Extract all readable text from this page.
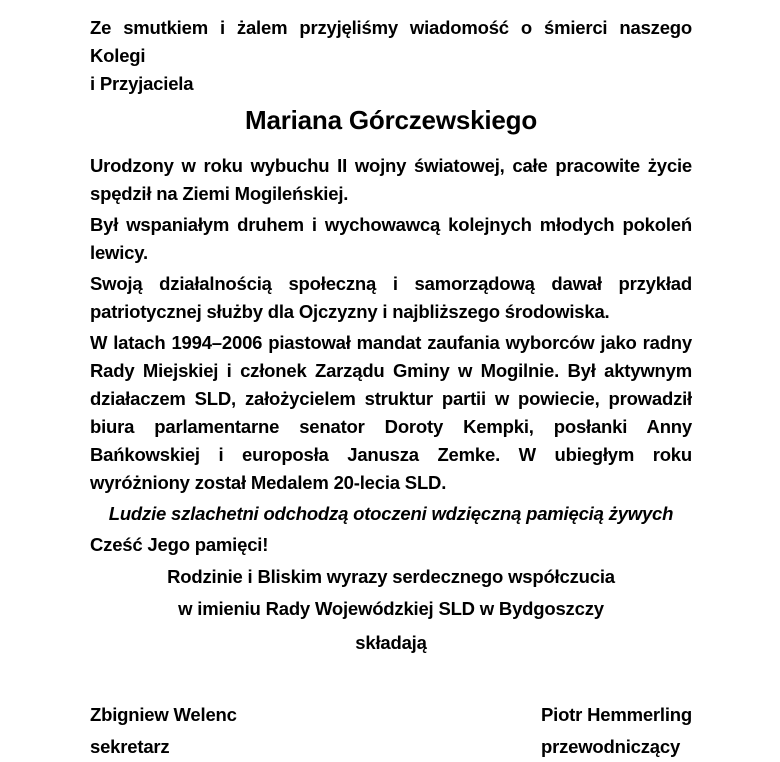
Ze smutkiem i żalem przyjęliśmy wiadomość o śmierci naszego Kolegi
i Przyjaciela
Mariana Górczewskiego
Urodzony w roku wybuchu II wojny światowej, całe pracowite życie
spędził na Ziemi Mogileńskiej.
Był wspaniałym druhem i wychowawcą kolejnych młodych pokoleń
lewicy.
Swoją działalnością społeczną i samorządową dawał przykład
patriotycznej służby dla Ojczyzny i najbliższego środowiska.
W latach 1994–2006 piastował mandat zaufania wyborców jako radny
Rady Miejskiej i członek Zarządu Gminy w Mogilnie. Był aktywnym
działaczem SLD, założycielem struktur partii w powiecie, prowadził
biura parlamentarne senator Doroty Kempki, posłanki Anny
Bańkowskiej i europosła Janusza Zemke. W ubiegłym roku
wyróżniony został Medalem 20-lecia SLD.
Ludzie szlachetni odchodzą otoczeni wdzięczną pamięcią żywych
Cześć Jego pamięci!
Rodzinie i Bliskim wyrazy serdecznego współczucia
w imieniu Rady Wojewódzkiej SLD w Bydgoszczy
składają
Zbigniew Welenc
sekretarz
Piotr Hemmerling
przewodniczący
